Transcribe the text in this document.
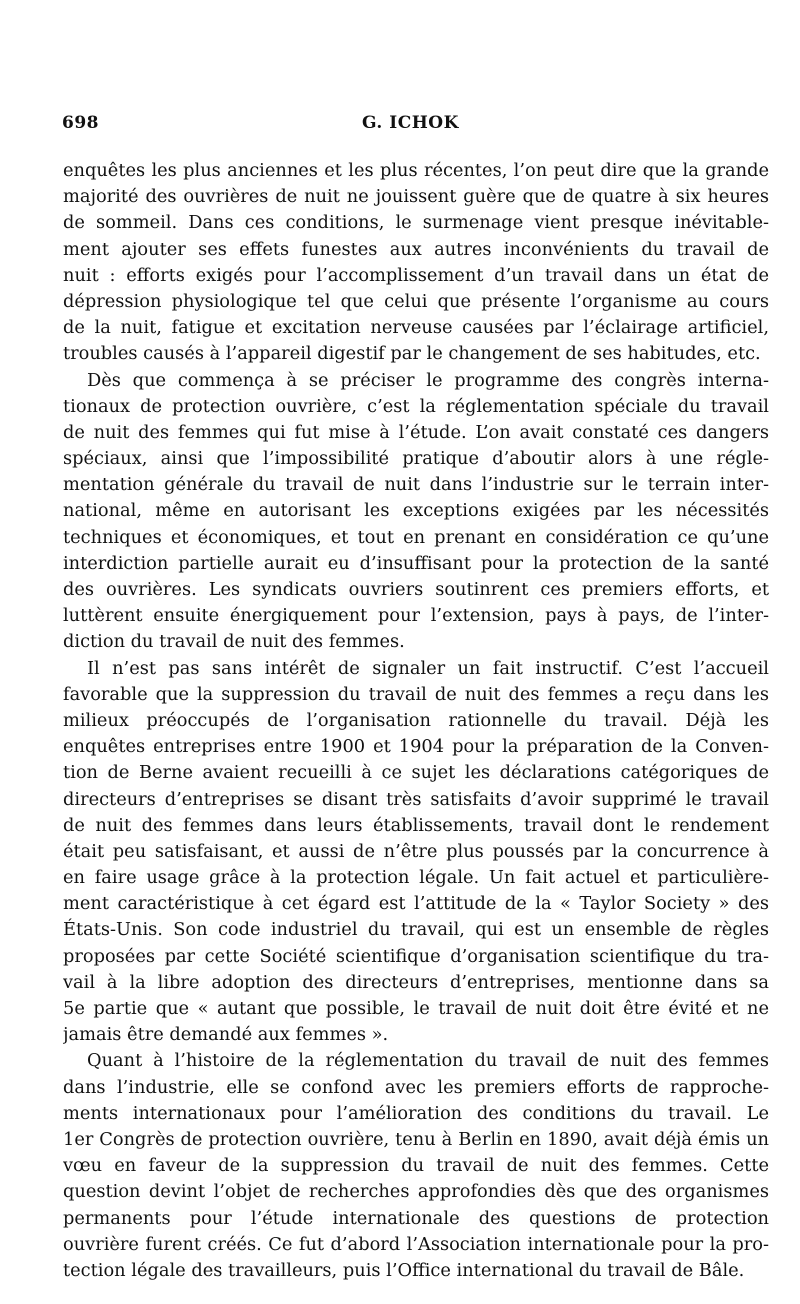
698	G. ICHOK
enquêtes les plus anciennes et les plus récentes, l’on peut dire que la grande
majorité des ouvrières de nuit ne jouissent guère que de quatre à six heures
de sommeil. Dans ces conditions, le surmenage vient presque inévitable-
ment ajouter ses effets funestes aux autres inconvénients du travail de
nuit : efforts exigés pour l’accomplissement d’un travail dans un état de
dépression physiologique tel que celui que présente l’organisme au cours
de la nuit, fatigue et excitation nerveuse causées par l’éclairage artificiel,
troubles causés à l’appareil digestif par le changement de ses habitudes, etc.
Dès que commença à se préciser le programme des congrès interna-
tionaux de protection ouvrière, c’est la réglementation spéciale du travail
de nuit des femmes qui fut mise à l’étude. L’on avait constaté ces dangers
spéciaux, ainsi que l’impossibilité pratique d’aboutir alors à une régle-
mentation générale du travail de nuit dans l’industrie sur le terrain inter-
national, même en autorisant les exceptions exigées par les nécessités
techniques et économiques, et tout en prenant en considération ce qu’une
interdiction partielle aurait eu d’insuffisant pour la protection de la santé
des ouvrières. Les syndicats ouvriers soutinrent ces premiers efforts, et
luttèrent ensuite énergiquement pour l’extension, pays à pays, de l’inter-
diction du travail de nuit des femmes.
Il n’est pas sans intérêt de signaler un fait instructif. C’est l’accueil
favorable que la suppression du travail de nuit des femmes a reçu dans les
milieux préoccupés de l’organisation rationnelle du travail. Déjà les
enquêtes entreprises entre 1900 et 1904 pour la préparation de la Conven-
tion de Berne avaient recueilli à ce sujet les déclarations catégoriques de
directeurs d’entreprises se disant très satisfaits d’avoir supprimé le travail
de nuit des femmes dans leurs établissements, travail dont le rendement
était peu satisfaisant, et aussi de n’être plus poussés par la concurrence à
en faire usage grâce à la protection légale. Un fait actuel et particulière-
ment caractéristique à cet égard est l’attitude de la « Taylor Society » des
États-Unis. Son code industriel du travail, qui est un ensemble de règles
proposées par cette Société scientifique d’organisation scientifique du tra-
vail à la libre adoption des directeurs d’entreprises, mentionne dans sa
5e partie que « autant que possible, le travail de nuit doit être évité et ne
jamais être demandé aux femmes ».
Quant à l’histoire de la réglementation du travail de nuit des femmes
dans l’industrie, elle se confond avec les premiers efforts de rapproche-
ments internationaux pour l’amélioration des conditions du travail. Le
1er Congrès de protection ouvrière, tenu à Berlin en 1890, avait déjà émis un
vœu en faveur de la suppression du travail de nuit des femmes. Cette
question devint l’objet de recherches approfondies dès que des organismes
permanents pour l’étude internationale des questions de protection
ouvrière furent créés. Ce fut d’abord l’Association internationale pour la pro-
tection légale des travailleurs, puis l’Office international du travail de Bâle.
